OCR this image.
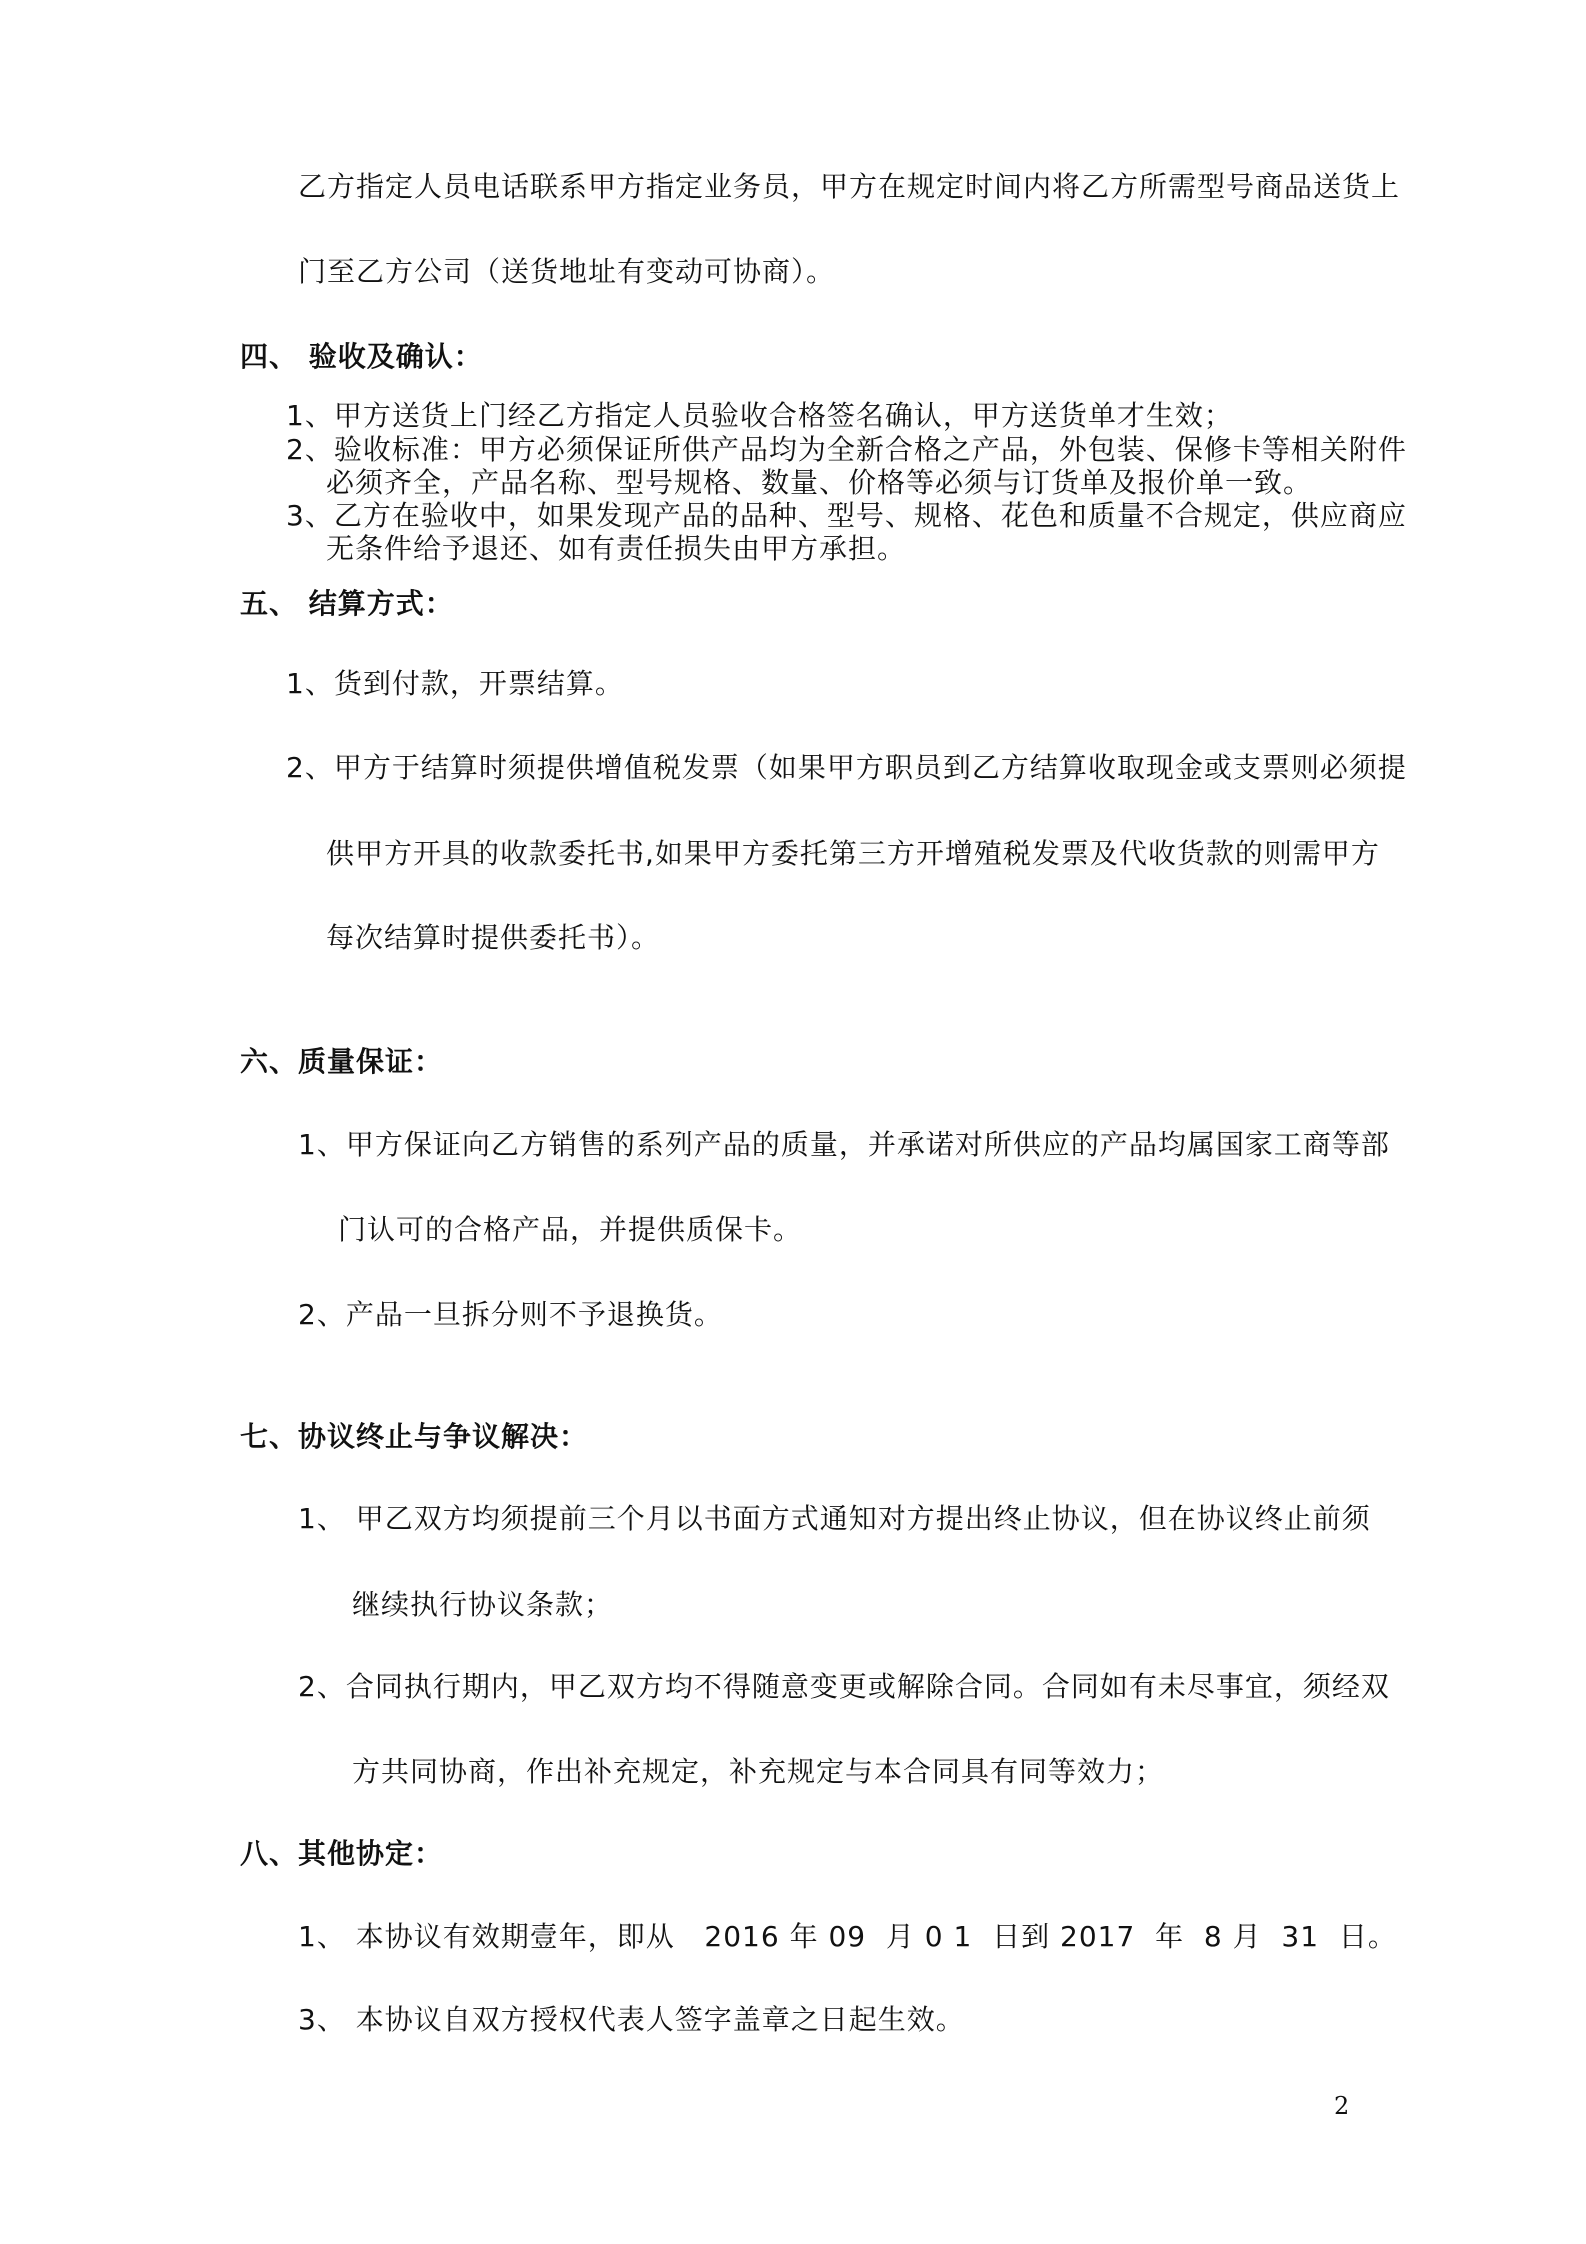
乙方指定人员电话联系甲方指定业务员，甲方在规定时间内将乙方所需型号商品送货上
门至乙方公司（送货地址有变动可协商）。
四、 验收及确认：
1、甲方送货上门经乙方指定人员验收合格签名确认，甲方送货单才生效；
2、验收标准：甲方必须保证所供产品均为全新合格之产品，外包装、保修卡等相关附件
必须齐全，产品名称、型号规格、数量、价格等必须与订货单及报价单一致。
3、乙方在验收中，如果发现产品的品种、型号、规格、花色和质量不合规定，供应商应
无条件给予退还、如有责任损失由甲方承担。
五、 结算方式：
1、货到付款，开票结算。
2、甲方于结算时须提供增值税发票（如果甲方职员到乙方结算收取现金或支票则必须提
供甲方开具的收款委托书,如果甲方委托第三方开增殖税发票及代收货款的则需甲方
每次结算时提供委托书）。
六、质量保证：
1、甲方保证向乙方销售的系列产品的质量，并承诺对所供应的产品均属国家工商等部
门认可的合格产品，并提供质保卡。
2、产品一旦拆分则不予退换货。
七、协议终止与争议解决：
1、 甲乙双方均须提前三个月以书面方式通知对方提出终止协议，但在协议终止前须
继续执行协议条款；
2、合同执行期内，甲乙双方均不得随意变更或解除合同。合同如有未尽事宜，须经双
方共同协商，作出补充规定，补充规定与本合同具有同等效力；
八、其他协定：
1、 本协议有效期壹年，即从   2016 年 09  月 0 1  日到 2017  年  8 月  31  日。
3、 本协议自双方授权代表人签字盖章之日起生效。
2
